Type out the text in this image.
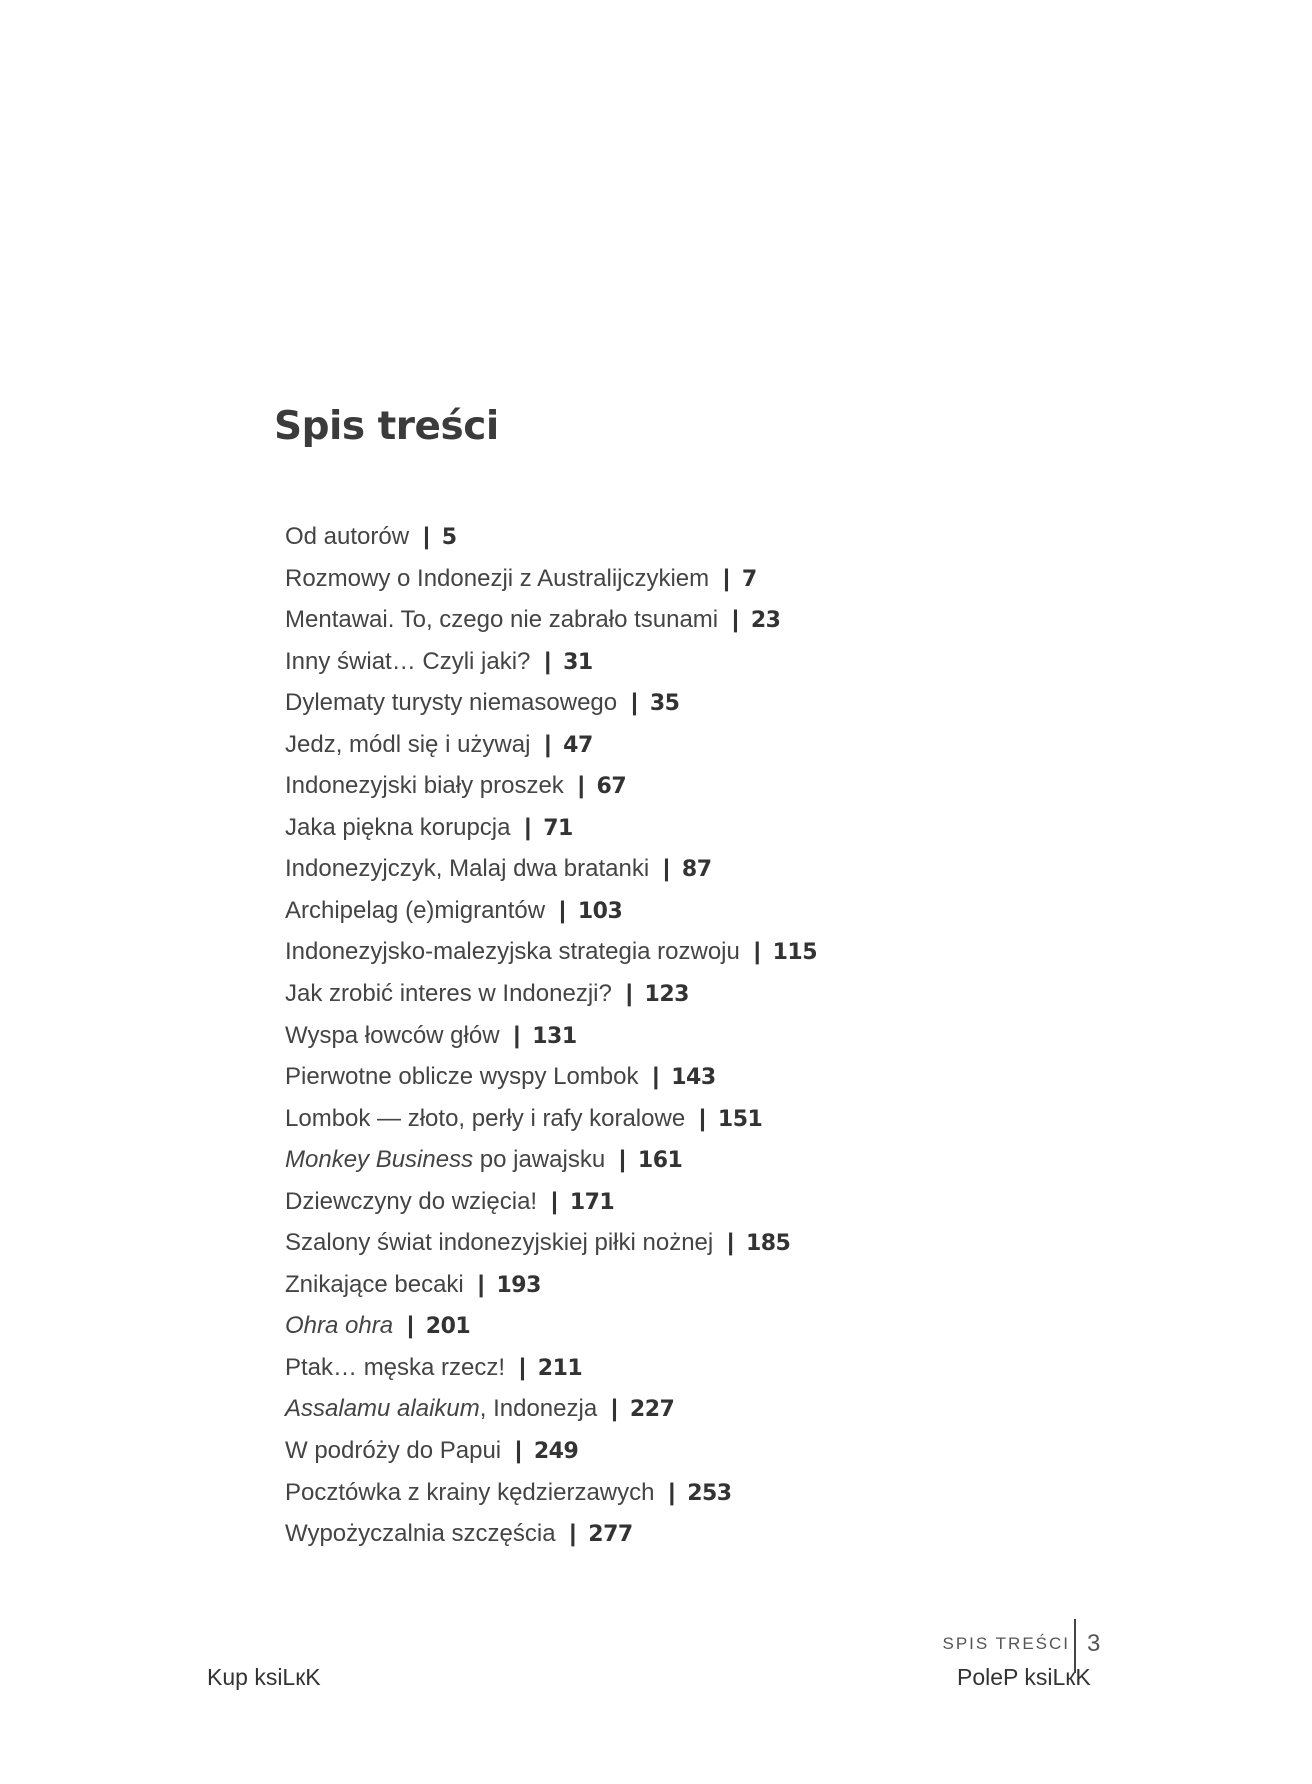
Spis treści
Od autorów | 5
Rozmowy o Indonezji z Australijczykiem | 7
Mentawai. To, czego nie zabrało tsunami | 23
Inny świat… Czyli jaki? | 31
Dylematy turysty niemasowego | 35
Jedz, módl się i używaj | 47
Indonezyjski biały proszek | 67
Jaka piękna korupcja | 71
Indonezyjczyk, Malaj dwa bratanki | 87
Archipelag (e)migrantów | 103
Indonezyjsko-malezyjska strategia rozwoju | 115
Jak zrobić interes w Indonezji? | 123
Wyspa łowców głów | 131
Pierwotne oblicze wyspy Lombok | 143
Lombok — złoto, perły i rafy koralowe | 151
Monkey Business po jawajsku | 161
Dziewczyny do wzięcia! | 171
Szalony świat indonezyjskiej piłki nożnej | 185
Znikające becaki | 193
Ohra ohra | 201
Ptak… męska rzecz! | 211
Assalamu alaikum, Indonezja | 227
W podróży do Papui | 249
Pocztówka z krainy kędzierzawych | 253
Wypożyczalnia szczęścia | 277
SPIS TREŚCI 3
Kup ksiLкK	PoleP ksiLкK
